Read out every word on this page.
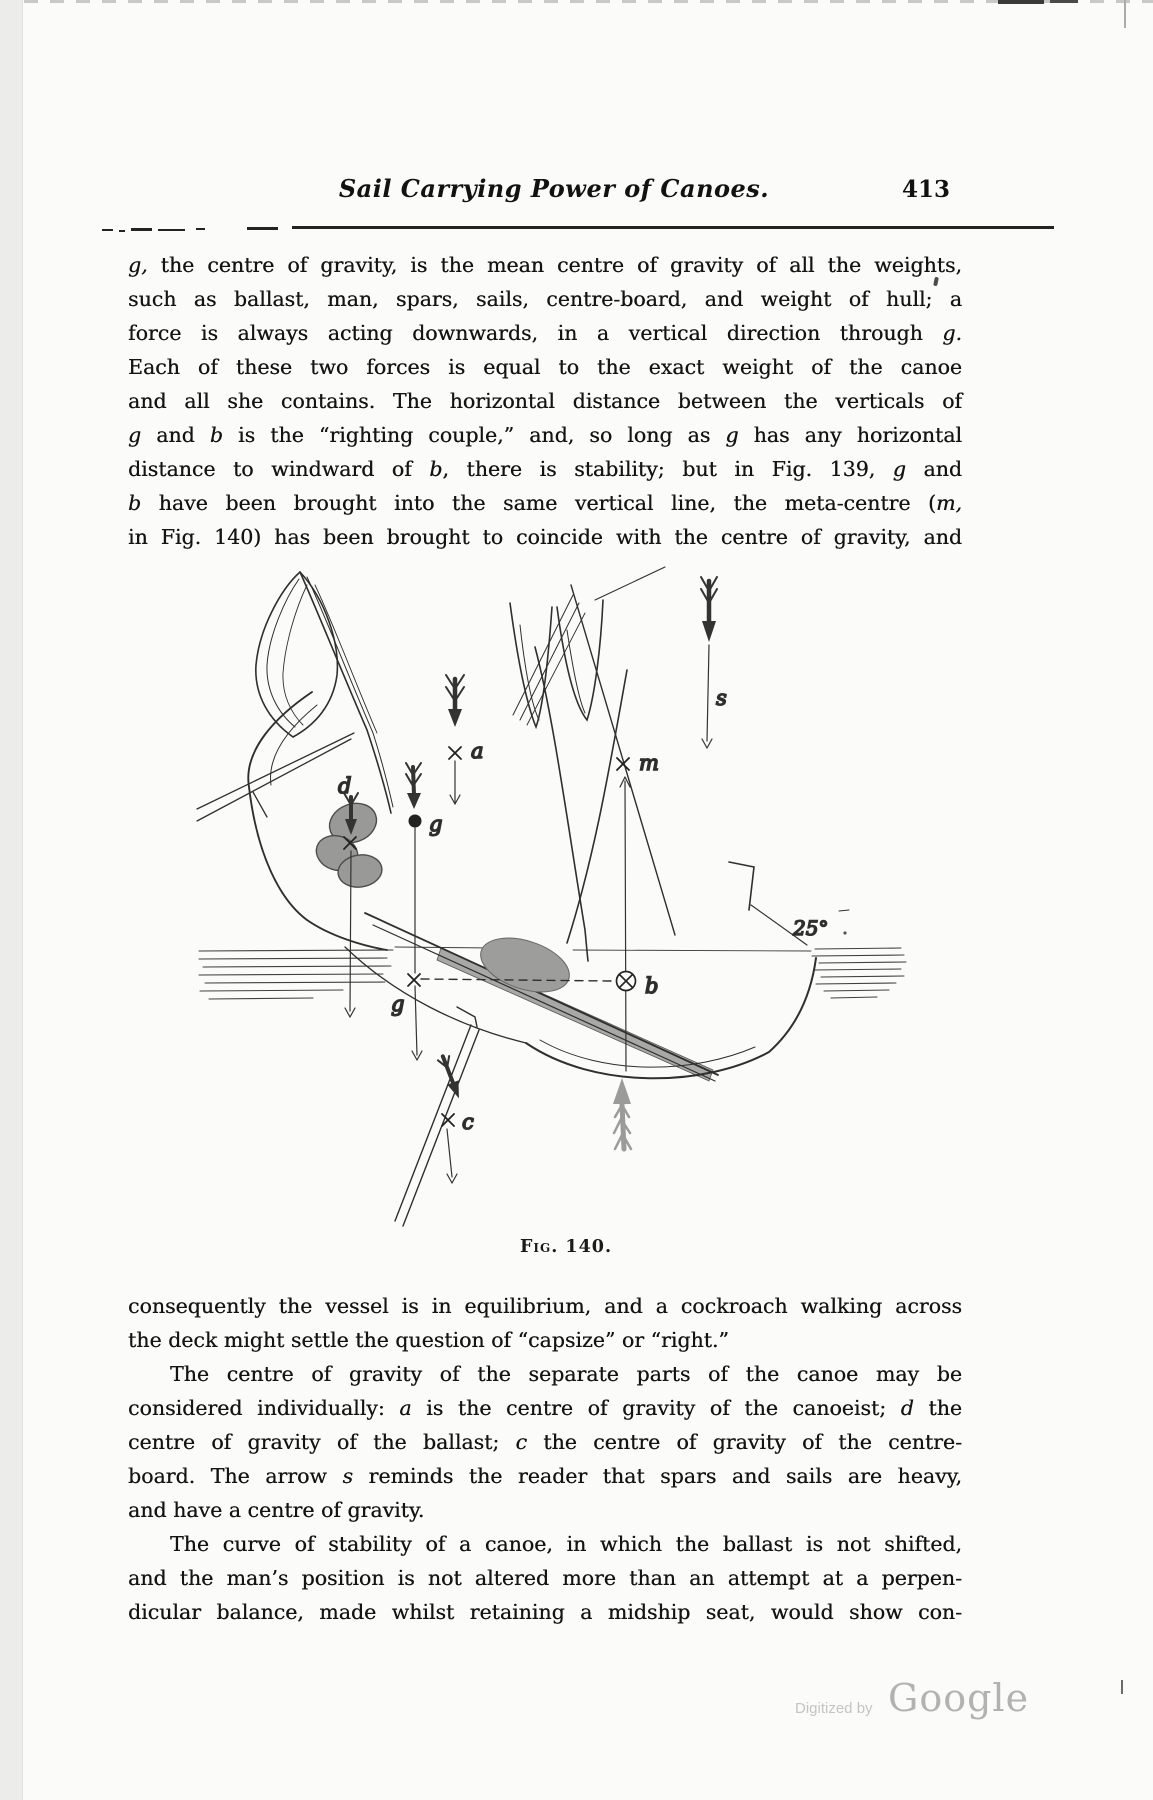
Sail Carrying Power of Canoes.	413
g, the centre of gravity, is the mean centre of gravity of all the weights,
such as ballast, man, spars, sails, centre-board, and weight of hull; a
force is always acting downwards, in a vertical direction through g.
Each of these two forces is equal to the exact weight of the canoe
and all she contains. The horizontal distance between the verticals of
g and b is the “righting couple,” and, so long as g has any horizontal
distance to windward of b, there is stability; but in Fig. 139, g and
b have been brought into the same vertical line, the meta-centre (m,
in Fig. 140) has been brought to coincide with the centre of gravity, and
consequently the vessel is in equilibrium, and a cockroach walking across
the deck might settle the question of “capsize” or “right.”
The centre of gravity of the separate parts of the canoe may be
considered individually: a is the centre of gravity of the canoeist; d the
centre of gravity of the ballast; c the centre of gravity of the centre-
board. The arrow s reminds the reader that spars and sails are heavy,
and have a centre of gravity.
The curve of stability of a canoe, in which the ballast is not shifted,
and the man’s position is not altered more than an attempt at a perpen-
dicular balance, made whilst retaining a midship seat, would show con-
a
g
d
m
s
b
g
c
25°
Fig. 140.
Digitized by Google
